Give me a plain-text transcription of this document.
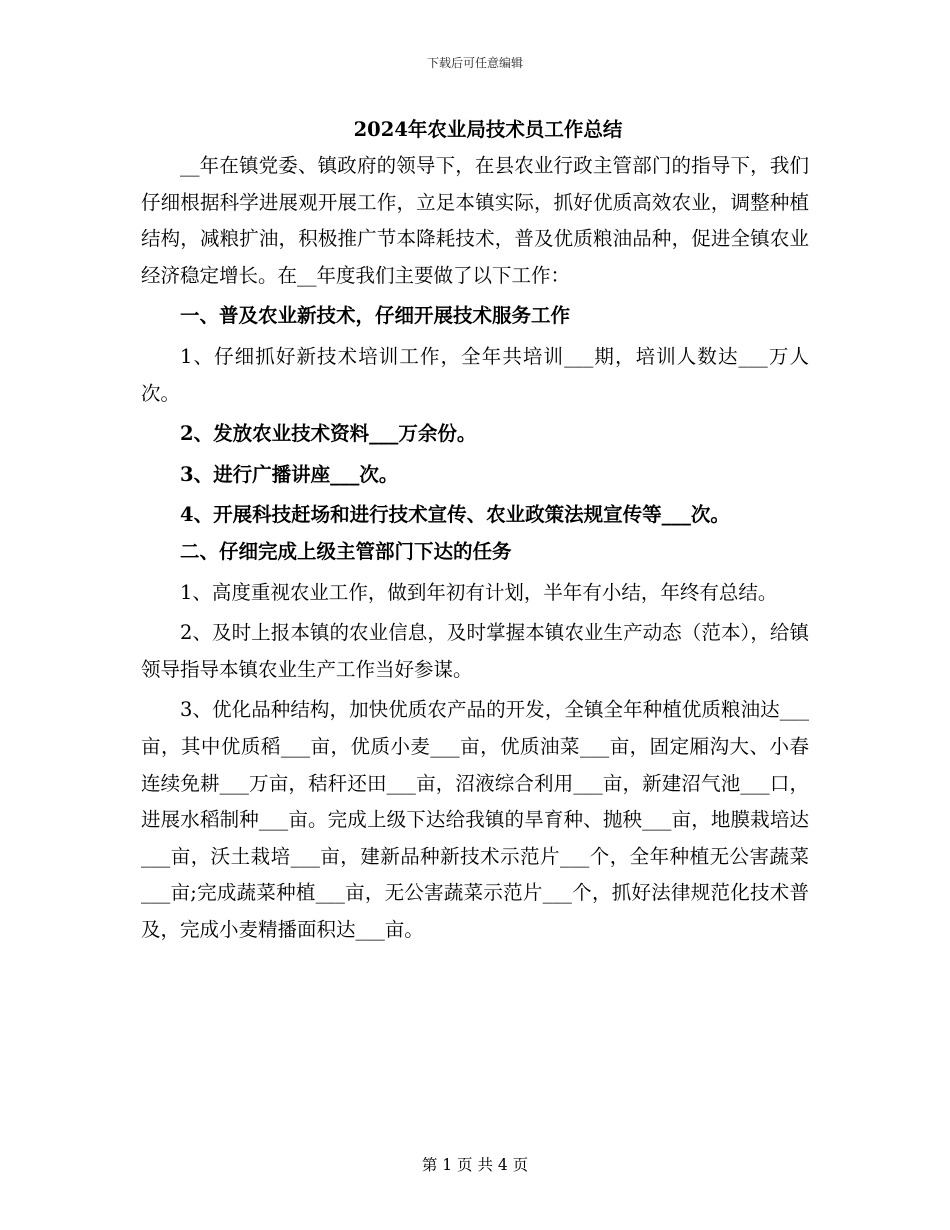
下载后可任意编辑
2024年农业局技术员工作总结
__年在镇党委、镇政府的领导下，在县农业行政主管部门的指导下，我们仔细根据科学进展观开展工作，立足本镇实际，抓好优质高效农业，调整种植结构，减粮扩油，积极推广节本降耗技术，普及优质粮油品种，促进全镇农业经济稳定增长。在__年度我们主要做了以下工作：
一、普及农业新技术，仔细开展技术服务工作
1、仔细抓好新技术培训工作，全年共培训___期，培训人数达___万人次。
2、发放农业技术资料___万余份。
3、进行广播讲座___次。
4、开展科技赶场和进行技术宣传、农业政策法规宣传等___次。
二、仔细完成上级主管部门下达的任务
1、高度重视农业工作，做到年初有计划，半年有小结，年终有总结。
2、及时上报本镇的农业信息，及时掌握本镇农业生产动态（范本），给镇领导指导本镇农业生产工作当好参谋。
3、优化品种结构，加快优质农产品的开发，全镇全年种植优质粮油达___亩，其中优质稻___亩，优质小麦___亩，优质油菜___亩，固定厢沟大、小春连续免耕___万亩，秸秆还田___亩，沼液综合利用___亩，新建沼气池___口，进展水稻制种___亩。完成上级下达给我镇的旱育种、抛秧___亩，地膜栽培达___亩，沃土栽培___亩，建新品种新技术示范片___个，全年种植无公害蔬菜___亩;完成蔬菜种植___亩，无公害蔬菜示范片___个，抓好法律规范化技术普及，完成小麦精播面积达___亩。
第 1 页 共 4 页
